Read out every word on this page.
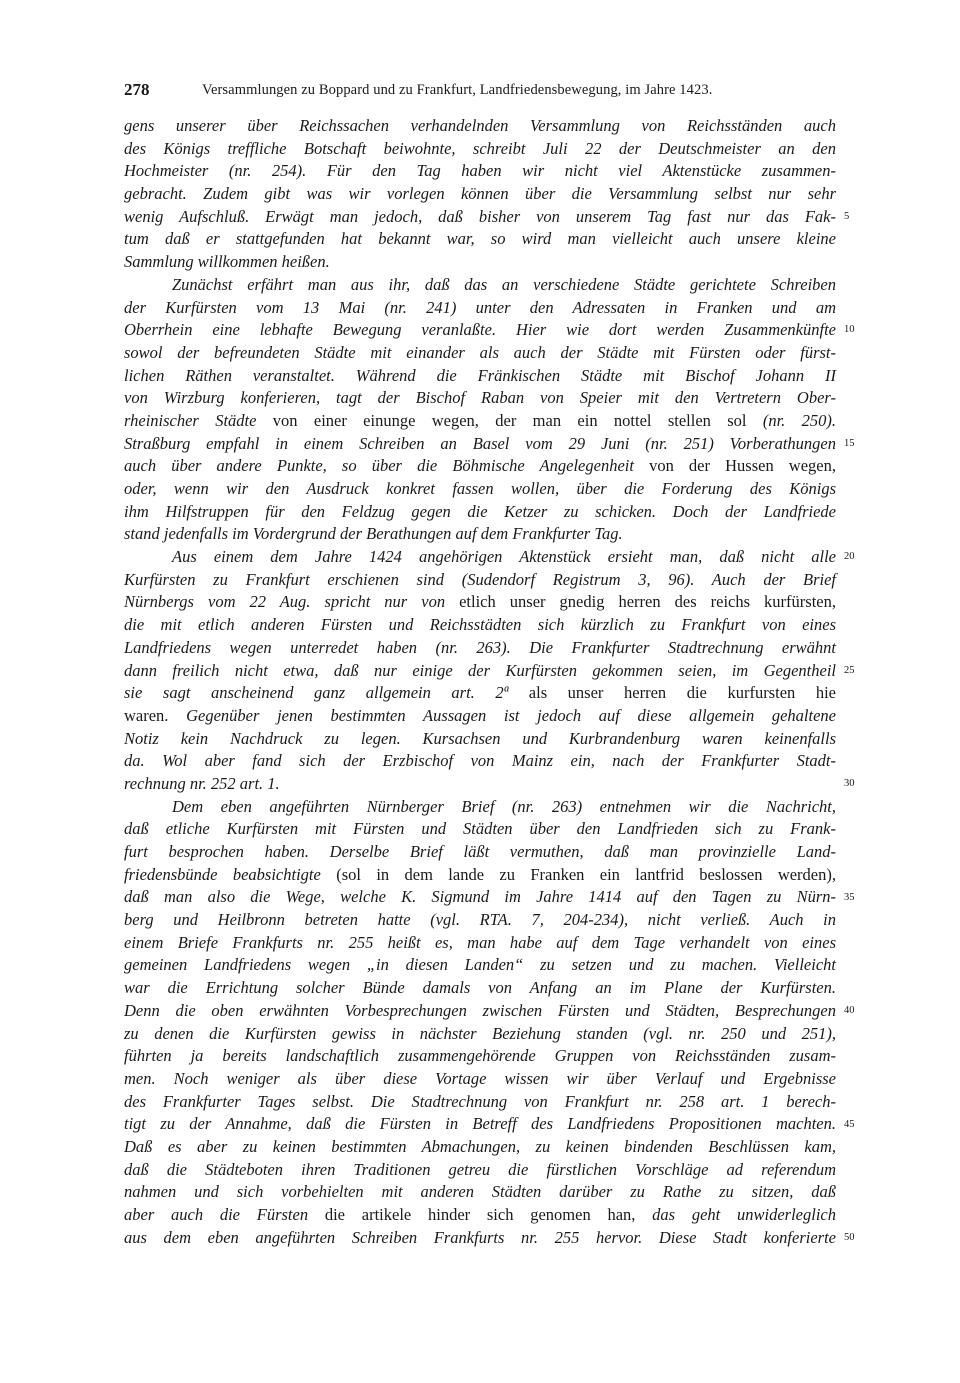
278	Versammlungen zu Boppard und zu Frankfurt, Landfriedensbewegung, im Jahre 1423.
gens unserer über Reichssachen verhandelnden Versammlung von Reichsständen auch
des Königs treffliche Botschaft beiwohnte, schreibt Juli 22 der Deutschmeister an den
Hochmeister (nr. 254). Für den Tag haben wir nicht viel Aktenstücke zusammen-
gebracht. Zudem gibt was wir vorlegen können über die Versammlung selbst nur sehr
wenig Aufschluß. Erwägt man jedoch, daß bisher von unserem Tag fast nur das Fak-
tum daß er stattgefunden hat bekannt war, so wird man vielleicht auch unsere kleine
Sammlung willkommen heißen.
Zunächst erfährt man aus ihr, daß das an verschiedene Städte gerichtete Schreiben
der Kurfürsten vom 13 Mai (nr. 241) unter den Adressaten in Franken und am
Oberrhein eine lebhafte Bewegung veranlaßte. Hier wie dort werden Zusammenkünfte
sowol der befreundeten Städte mit einander als auch der Städte mit Fürsten oder fürst-
lichen Räthen veranstaltet. Während die Fränkischen Städte mit Bischof Johann II
von Wirzburg konferieren, tagt der Bischof Raban von Speier mit den Vertretern Ober-
rheinischer Städte von einer einunge wegen, der man ein nottel stellen sol (nr. 250).
Straßburg empfahl in einem Schreiben an Basel vom 29 Juni (nr. 251) Vorberathungen
auch über andere Punkte, so über die Böhmische Angelegenheit von der Hussen wegen,
oder, wenn wir den Ausdruck konkret fassen wollen, über die Forderung des Königs
ihm Hilfstruppen für den Feldzug gegen die Ketzer zu schicken. Doch der Landfriede
stand jedenfalls im Vordergrund der Berathungen auf dem Frankfurter Tag.
Aus einem dem Jahre 1424 angehörigen Aktenstück ersieht man, daß nicht alle
Kurfürsten zu Frankfurt erschienen sind (Sudendorf Registrum 3, 96). Auch der Brief
Nürnbergs vom 22 Aug. spricht nur von etlich unser gnedig herren des reichs kurfürsten,
die mit etlich anderen Fürsten und Reichsstädten sich kürzlich zu Frankfurt von eines
Landfriedens wegen unterredet haben (nr. 263). Die Frankfurter Stadtrechnung erwähnt
dann freilich nicht etwa, daß nur einige der Kurfürsten gekommen seien, im Gegentheil
sie sagt anscheinend ganz allgemein art. 2ª als unser herren die kurfursten hie
waren. Gegenüber jenen bestimmten Aussagen ist jedoch auf diese allgemein gehaltene
Notiz kein Nachdruck zu legen. Kursachsen und Kurbrandenburg waren keinenfalls
da. Wol aber fand sich der Erzbischof von Mainz ein, nach der Frankfurter Stadt-
rechnung nr. 252 art. 1.
Dem eben angeführten Nürnberger Brief (nr. 263) entnehmen wir die Nachricht,
daß etliche Kurfürsten mit Fürsten und Städten über den Landfrieden sich zu Frank-
furt besprochen haben. Derselbe Brief läßt vermuthen, daß man provinzielle Land-
friedensbünde beabsichtigte (sol in dem lande zu Franken ein lantfrid beslossen werden),
daß man also die Wege, welche K. Sigmund im Jahre 1414 auf den Tagen zu Nürn-
berg und Heilbronn betreten hatte (vgl. RTA. 7, 204-234), nicht verließ. Auch in
einem Briefe Frankfurts nr. 255 heißt es, man habe auf dem Tage verhandelt von eines
gemeinen Landfriedens wegen „in diesen Landen“ zu setzen und zu machen. Vielleicht
war die Errichtung solcher Bünde damals von Anfang an im Plane der Kurfürsten.
Denn die oben erwähnten Vorbesprechungen zwischen Fürsten und Städten, Besprechungen
zu denen die Kurfürsten gewiss in nächster Beziehung standen (vgl. nr. 250 und 251),
führten ja bereits landschaftlich zusammengehörende Gruppen von Reichsständen zusam-
men. Noch weniger als über diese Vortage wissen wir über Verlauf und Ergebnisse
des Frankfurter Tages selbst. Die Stadtrechnung von Frankfurt nr. 258 art. 1 berech-
tigt zu der Annahme, daß die Fürsten in Betreff des Landfriedens Propositionen machten.
Daß es aber zu keinen bestimmten Abmachungen, zu keinen bindenden Beschlüssen kam,
daß die Städteboten ihren Traditionen getreu die fürstlichen Vorschläge ad referendum
nahmen und sich vorbehielten mit anderen Städten darüber zu Rathe zu sitzen, daß
aber auch die Fürsten die artikele hinder sich genomen han, das geht unwiderleglich
aus dem eben angeführten Schreiben Frankfurts nr. 255 hervor. Diese Stadt konferierte
5
10
15
20
25
30
35
40
45
50
